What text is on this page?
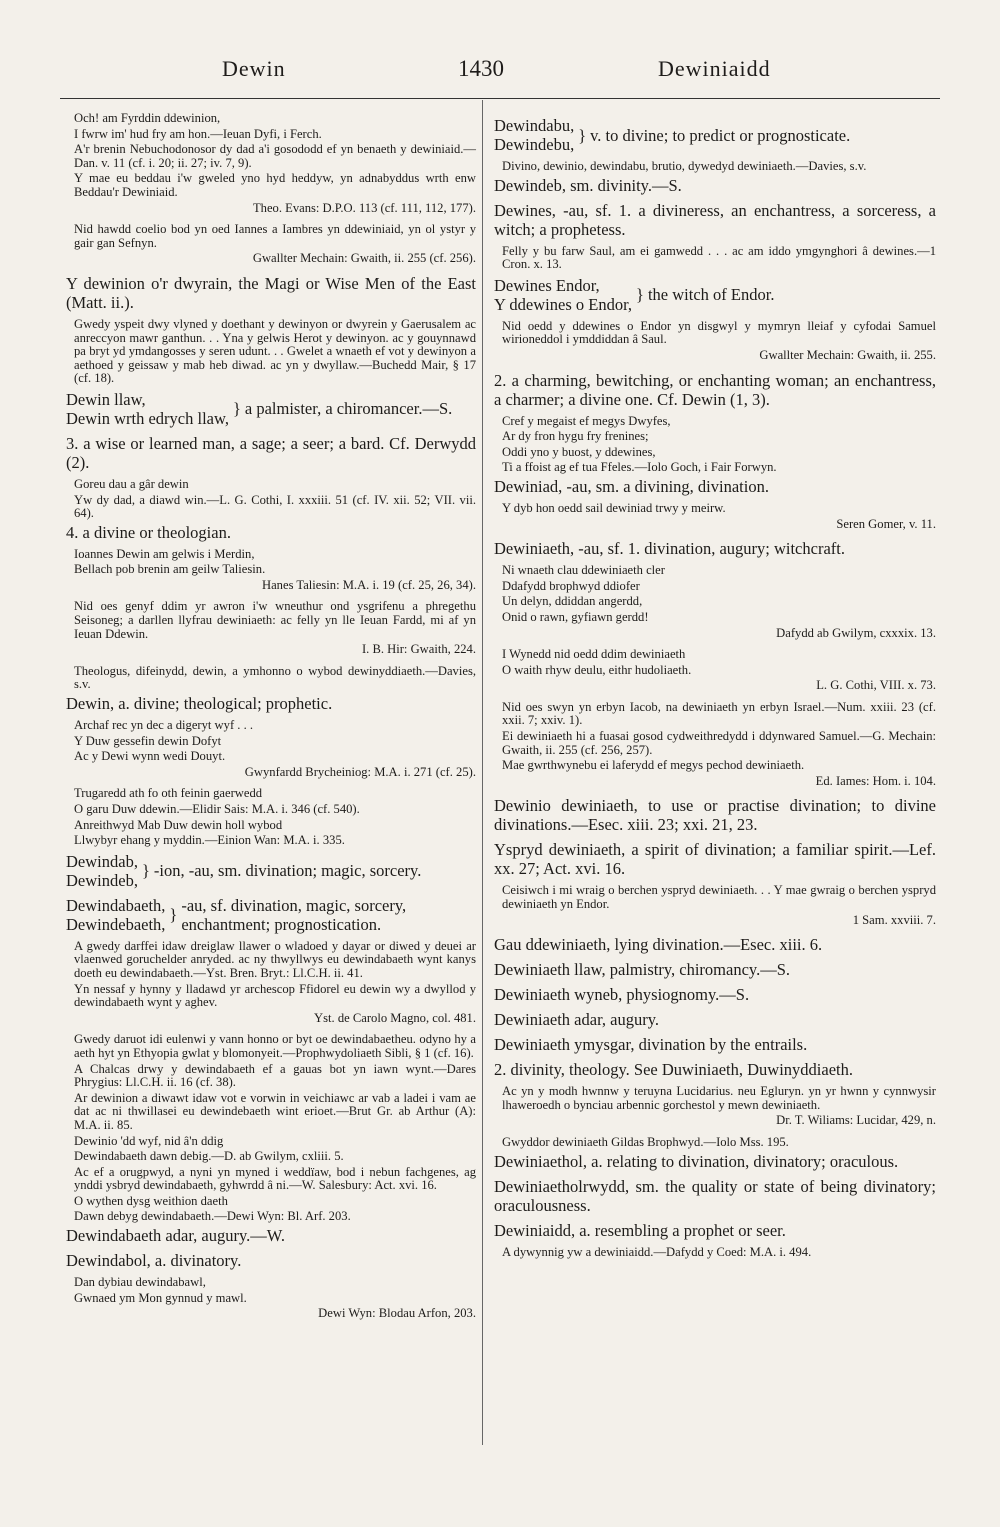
Dewin	1430	Dewiniaidd
Och! am Fyrddin ddewinion,
I fwrw im' hud fry am hon.—Ieuan Dyfi, i Ferch.
A'r brenin Nebuchodonosor dy dad a'i gosododd ef yn benaeth y dewiniaid.—Dan. v. 11 (cf. i. 20; ii. 27; iv. 7, 9).
Y mae eu beddau i'w gweled yno hyd heddyw, yn adnabyddus wrth enw Beddau'r Dewiniaid.
Theo. Evans: D.P.O. 113 (cf. 111, 112, 177).
Nid hawdd coelio bod yn oed Iannes a Iambres yn ddewiniaid, yn ol ystyr y gair gan Sefnyn.
Gwallter Mechain: Gwaith, ii. 255 (cf. 256).
Y dewinion o'r dwyrain, the Magi or Wise Men of the East (Matt. ii.).
Gwedy yspeit dwy vlyned y doethant y dewinyon or dwyrein y Gaerusalem ac anreccyon mawr ganthun. . . Yna y gelwis Herot y dewinyon. ac y gouynnawd pa bryt yd ymdangosses y seren udunt. . . Gwelet a wnaeth ef vot y dewinyon a aethoed y geissaw y mab heb diwad. ac yn y dwyllaw.—Buchedd Mair, § 17 (cf. 18).
Dewin llaw,	}	a palmister, a chiromancer.—S.
Dewin wrth edrych llaw,
3. a wise or learned man, a sage; a seer; a bard. Cf. Derwydd (2).
Goreu dau a gâr dewin
Yw dy dad, a diawd win.—L. G. Cothi, I. xxxiii. 51 (cf. IV. xii. 52; VII. vii. 64).
4. a divine or theologian.
Ioannes Dewin am gelwis i Merdin,
Bellach pob brenin am geilw Taliesin.
Hanes Taliesin: M.A. i. 19 (cf. 25, 26, 34).
Nid oes genyf ddim yr awron i'w wneuthur ond ysgrifenu a phregethu Seisoneg; a darllen llyfrau dewiniaeth: ac felly yn lle Ieuan Fardd, mi af yn Ieuan Ddewin.
I. B. Hir: Gwaith, 224.
Theologus, difeinydd, dewin, a ymhonno o wybod dewinyddiaeth.—Davies, s.v.
Dewin, a. divine; theological; prophetic.
Archaf rec yn dec a digeryt wyf . . .
Y Duw gessefin dewin Dofyt
Ac y Dewi wynn wedi Douyt.
Gwynfardd Brycheiniog: M.A. i. 271 (cf. 25).
Trugaredd ath fo oth feinin gaerwedd
O garu Duw ddewin.—Elidir Sais: M.A. i. 346 (cf. 540).
Anreithwyd Mab Duw dewin holl wybod
Llwybyr ehang y myddin.—Einion Wan: M.A. i. 335.
Dewindab,	}	-ion, -au, sm. divination; magic, sorcery.
Dewindeb,
Dewindabaeth,	}	-au, sf. divination, magic, sorcery, enchantment; prognostication.
Dewindebaeth,
A gwedy darffei idaw dreiglaw llawer o wladoed y dayar or diwed y deuei ar vlaenwed goruchelder anryded. ac ny thwyllwys eu dewindabaeth wynt kanys doeth eu dewindabaeth.—Yst. Bren. Bryt.: Ll.C.H. ii. 41.
Yn nessaf y hynny y lladawd yr archescop Ffidorel eu dewin wy a dwyllod y dewindabaeth wynt y aghev.
Yst. de Carolo Magno, col. 481.
Gwedy daruot idi eulenwi y vann honno or byt oe dewindabaetheu. odyno hy a aeth hyt yn Ethyopia gwlat y blomonyeit.—Prophwydoliaeth Sibli, § 1 (cf. 16).
A Chalcas drwy y dewindabaeth ef a gauas bot yn iawn wynt.—Dares Phrygius: Ll.C.H. ii. 16 (cf. 38).
Ar dewinion a diwawt idaw vot e vorwin in veichiawc ar vab a ladei i vam ae dat ac ni thwillasei eu dewindebaeth wint erioet.—Brut Gr. ab Arthur (A): M.A. ii. 85.
Dewinio 'dd wyf, nid â'n ddig
Dewindabaeth dawn debig.—D. ab Gwilym, cxliii. 5.
Ac ef a orugpwyd, a nyni yn myned i weddïaw, bod i nebun fachgenes, ag ynddi ysbryd dewindabaeth, gyhwrdd â ni.—W. Salesbury: Act. xvi. 16.
O wythen dysg weithion daeth
Dawn debyg dewindabaeth.—Dewi Wyn: Bl. Arf. 203.
Dewindabaeth adar, augury.—W.
Dewindabol, a. divinatory.
Dan dybiau dewindabawl,
Gwnaed ym Mon gynnud y mawl.
Dewi Wyn: Blodau Arfon, 203.
Dewindabu,	}	v. to divine; to predict or prognosticate.
Dewindebu,
Divino, dewinio, dewindabu, brutio, dywedyd dewiniaeth.—Davies, s.v.
Dewindeb, sm. divinity.—S.
Dewines, -au, sf. 1. a divineress, an enchantress, a sorceress, a witch; a prophetess.
Felly y bu farw Saul, am ei gamwedd . . . ac am iddo ymgynghori â dewines.—1 Cron. x. 13.
Dewines Endor,	}	the witch of Endor.
Y ddewines o Endor,
Nid oedd y ddewines o Endor yn disgwyl y mymryn lleiaf y cyfodai Samuel wirioneddol i ymddiddan â Saul.
Gwallter Mechain: Gwaith, ii. 255.
2. a charming, bewitching, or enchanting woman; an enchantress, a charmer; a divine one. Cf. Dewin (1, 3).
Cref y megaist ef megys Dwyfes,
Ar dy fron hygu fry frenines;
Oddi yno y buost, y ddewines,
Ti a ffoist ag ef tua Ffeles.—Iolo Goch, i Fair Forwyn.
Dewiniad, -au, sm. a divining, divination.
Y dyb hon oedd sail dewiniad trwy y meirw.
Seren Gomer, v. 11.
Dewiniaeth, -au, sf. 1. divination, augury; witchcraft.
Ni wnaeth clau ddewiniaeth cler
Ddafydd brophwyd ddiofer
Un delyn, ddiddan angerdd,
Onid o rawn, gyfiawn gerdd!
Dafydd ab Gwilym, cxxxix. 13.
I Wynedd nid oedd ddim dewiniaeth
O waith rhyw deulu, eithr hudoliaeth.
L. G. Cothi, VIII. x. 73.
Nid oes swyn yn erbyn Iacob, na dewiniaeth yn erbyn Israel.—Num. xxiii. 23 (cf. xxii. 7; xxiv. 1).
Ei dewiniaeth hi a fuasai gosod cydweithredydd i ddynwared Samuel.—G. Mechain: Gwaith, ii. 255 (cf. 256, 257).
Mae gwrthwynebu ei laferydd ef megys pechod dewiniaeth.
Ed. Iames: Hom. i. 104.
Dewinio dewiniaeth, to use or practise divination; to divine divinations.—Esec. xiii. 23; xxi. 21, 23.
Yspryd dewiniaeth, a spirit of divination; a familiar spirit.—Lef. xx. 27; Act. xvi. 16.
Ceisiwch i mi wraig o berchen yspryd dewiniaeth. . . Y mae gwraig o berchen yspryd dewiniaeth yn Endor.
1 Sam. xxviii. 7.
Gau ddewiniaeth, lying divination.—Esec. xiii. 6.
Dewiniaeth llaw, palmistry, chiromancy.—S.
Dewiniaeth wyneb, physiognomy.—S.
Dewiniaeth adar, augury.
Dewiniaeth ymysgar, divination by the entrails.
2. divinity, theology. See Duwiniaeth, Duwinyddiaeth.
Ac yn y modh hwnnw y teruyna Lucidarius. neu Egluryn. yn yr hwnn y cynnwysir lhaweroedh o bynciau arbennic gorchestol y mewn dewiniaeth.
Dr. T. Wiliams: Lucidar, 429, n.
Gwyddor dewiniaeth Gildas Brophwyd.—Iolo Mss. 195.
Dewiniaethol, a. relating to divination, divinatory; oraculous.
Dewiniaetholrwydd, sm. the quality or state of being divinatory; oraculousness.
Dewiniaidd, a. resembling a prophet or seer.
A dywynnig yw a dewiniaidd.—Dafydd y Coed: M.A. i. 494.
